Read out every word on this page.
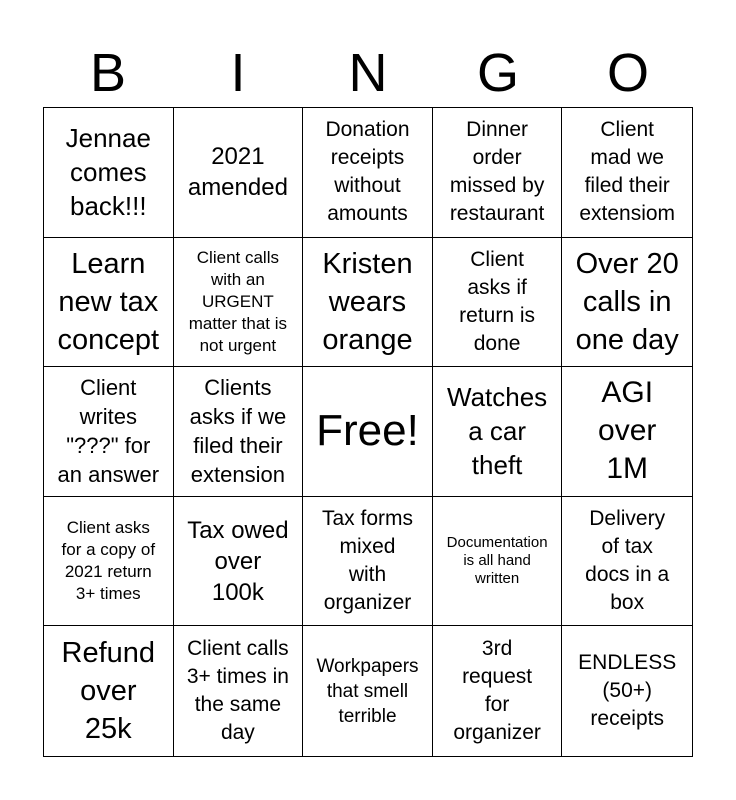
B	I	N	G	O
Jennae
comes
back!!!
2021
amended
Donation
receipts
without
amounts
Dinner
order
missed by
restaurant
Client
mad we
filed their
extensiom
Learn
new tax
concept
Client calls
with an
URGENT
matter that is
not urgent
Kristen
wears
orange
Client
asks if
return is
done
Over 20
calls in
one day
Client
writes
"???" for
an answer
Clients
asks if we
filed their
extension
Free!
Watches
a car
theft
AGI
over
1M
Client asks
for a copy of
2021 return
3+ times
Tax owed
over
100k
Tax forms
mixed
with
organizer
Documentation
is all hand
written
Delivery
of tax
docs in a
box
Refund
over
25k
Client calls
3+ times in
the same
day
Workpapers
that smell
terrible
3rd
request
for
organizer
ENDLESS
(50+)
receipts
